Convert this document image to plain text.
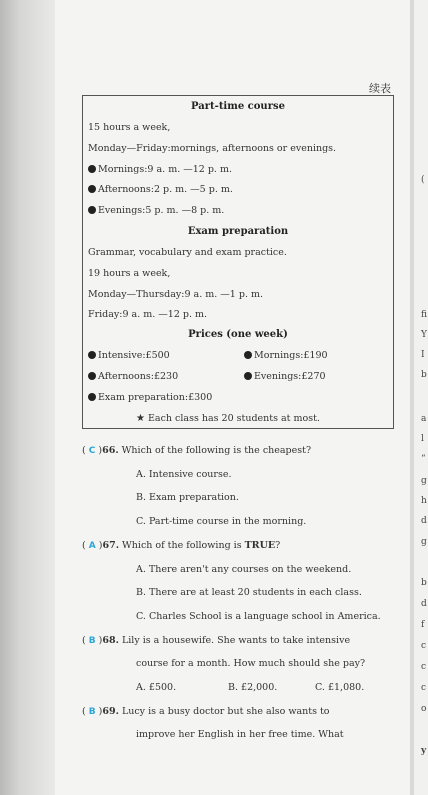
续表
Part-time course
15 hours a week,
Monday—Friday:mornings, afternoons or evenings.
Mornings:9 a. m. —12 p. m.
Afternoons:2 p. m. —5 p. m.
Evenings:5 p. m. —8 p. m.
Exam preparation
Grammar, vocabulary and exam practice.
19 hours a week,
Monday—Thursday:9 a. m. —1 p. m.
Friday:9 a. m. —12 p. m.
Prices (one week)
Intensive:£500	Mornings:£190
Afternoons:£230	Evenings:£270
Exam preparation:£300
★ Each class has 20 students at most.
( C )66. Which of the following is the cheapest?
A. Intensive course.
B. Exam preparation.
C. Part-time course in the morning.
( A )67. Which of the following is TRUE?
A. There aren't any courses on the weekend.
B. There are at least 20 students in each class.
C. Charles School is a language school in America.
( B )68. Lily is a housewife. She wants to take intensive
course for a month. How much should she pay?
A. £500.	B. £2,000.	C. £1,080.
( B )69. Lucy is a busy doctor but she also wants to
improve her English in her free time. What
(
fi
Y
I
b
a
l
“
g
h
d
g
b
d
f
c
c
c
o
y
